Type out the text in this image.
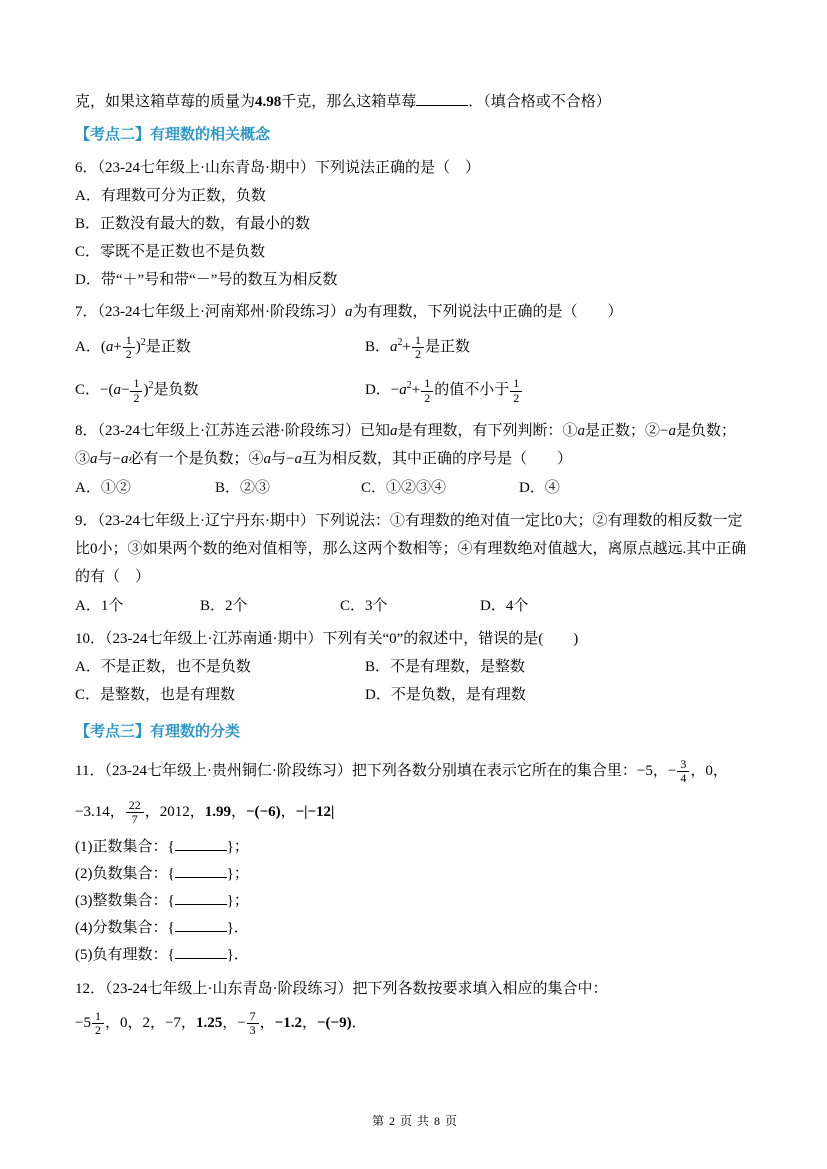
克，如果这箱草莓的质量为4.98千克，那么这箱草莓	．（填合格或不合格）

【考点二】有理数的相关概念

6．（23-24七年级上·山东青岛·期中）下列说法正确的是（　）

A．有理数可分为正数，负数

B．正数没有最大的数，有最小的数

C．零既不是正数也不是负数

D．带“＋”号和带“－”号的数互为相反数

7．（23-24七年级上·河南郑州·阶段练习）a为有理数，下列说法中正确的是（　　）

A．$(a+ \frac{1}{2} )^2$是正数	B．$a^2+ \frac{1}{2}$ 是正数

C．$-(a- \frac{1}{2} )^2$是负数	D．$-a^2+ \frac{1}{2}$ 的值不小于 $\frac{1}{2}$

8．（23-24七年级上·江苏连云港·阶段练习）已知a是有理数，有下列判断：①a是正数；②−a是负数；③a与−a必有一个是负数；④a与−a互为相反数，其中正确的序号是（　　）

A．①②	B．②③	C．①②③④	D．④

9．（23-24七年级上·辽宁丹东·期中）下列说法：①有理数的绝对值一定比0大；②有理数的相反数一定比0小；③如果两个数的绝对值相等，那么这两个数相等；④有理数绝对值越大，离原点越远.其中正确的有（　）

A．1个	B．2个	C．3个	D．4个

10．（23-24七年级上·江苏南通·期中）下列有关“0”的叙述中，错误的是(　　)

A．不是正数，也不是负数	B．不是有理数，是整数

C．是整数，也是有理数	D．不是负数，是有理数

【考点三】有理数的分类

11．（23-24七年级上·贵州铜仁·阶段练习）把下列各数分别填在表示它所在的集合里：−5，− $\frac{3}{4}$ ，0，

−3.14， $\frac{22}{7}$ ，2012，1.99，−(−6)，−|−12|

(1)正数集合：{	}；

(2)负数集合：{	}；

(3)整数集合：{	}；

(4)分数集合：{	}．

(5)负有理数：{	}．

12．（23-24七年级上·山东青岛·阶段练习）把下列各数按要求填入相应的集合中：

$-5 \frac{1}{2}$ ，0，2，−7，1.25，− $\frac{7}{3}$ ，−1.2，−(−9)．

第 2 页 共 8 页
